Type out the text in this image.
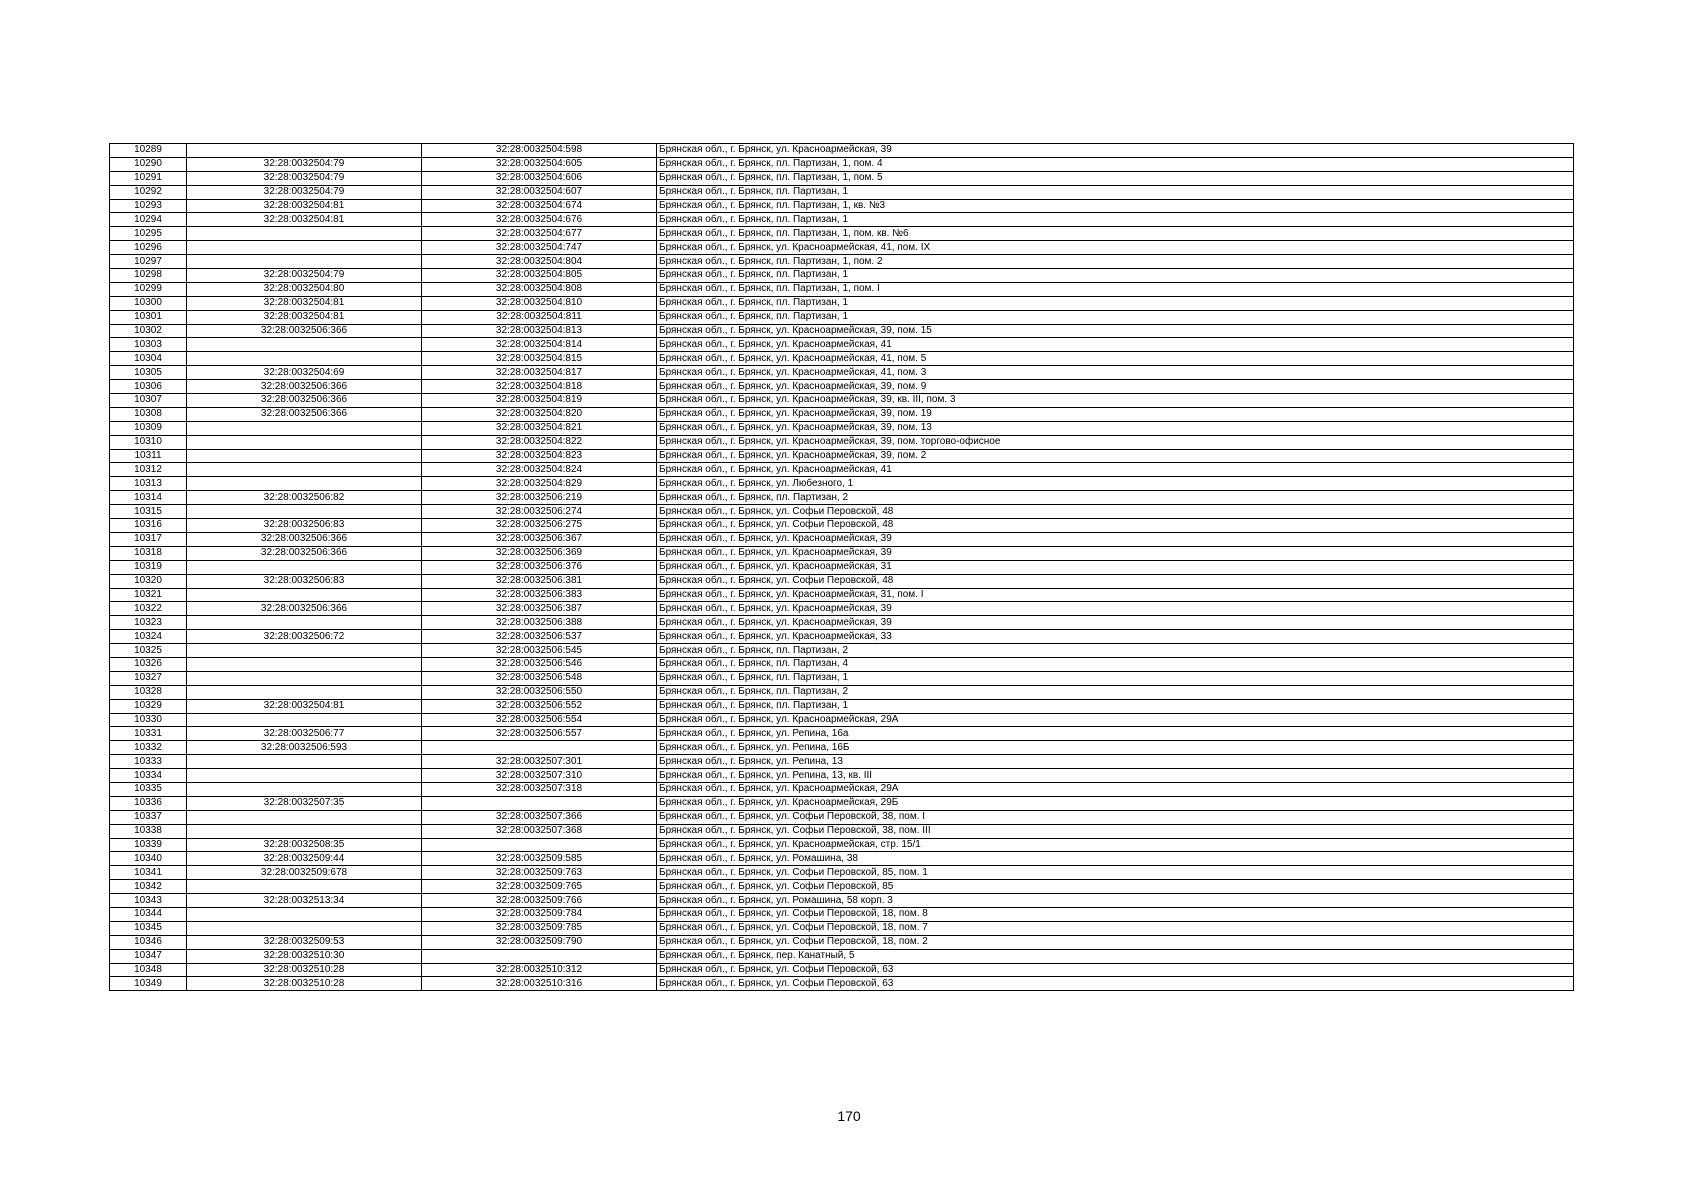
10289		32:28:0032504:598	Брянская обл., г. Брянск, ул. Красноармейская, 39
10290	32:28:0032504:79	32:28:0032504:605	Брянская обл., г. Брянск, пл. Партизан, 1, пом. 4
10291	32:28:0032504:79	32:28:0032504:606	Брянская обл., г. Брянск, пл. Партизан, 1, пом. 5
10292	32:28:0032504:79	32:28:0032504:607	Брянская обл., г. Брянск, пл. Партизан, 1
10293	32:28:0032504:81	32:28:0032504:674	Брянская обл., г. Брянск, пл. Партизан, 1, кв. №3
10294	32:28:0032504:81	32:28:0032504:676	Брянская обл., г. Брянск, пл. Партизан, 1
10295		32:28:0032504:677	Брянская обл., г. Брянск, пл. Партизан, 1, пом. кв. №6
10296		32:28:0032504:747	Брянская обл., г. Брянск, ул. Красноармейская, 41, пом. IX
10297		32:28:0032504:804	Брянская обл., г. Брянск, пл. Партизан, 1, пом. 2
10298	32:28:0032504:79	32:28:0032504:805	Брянская обл., г. Брянск, пл. Партизан, 1
10299	32:28:0032504:80	32:28:0032504:808	Брянская обл., г. Брянск, пл. Партизан, 1, пом. I
10300	32:28:0032504:81	32:28:0032504:810	Брянская обл., г. Брянск, пл. Партизан, 1
10301	32:28:0032504:81	32:28:0032504:811	Брянская обл., г. Брянск, пл. Партизан, 1
10302	32:28:0032506:366	32:28:0032504:813	Брянская обл., г. Брянск, ул. Красноармейская, 39, пом. 15
10303		32:28:0032504:814	Брянская обл., г. Брянск, ул. Красноармейская, 41
10304		32:28:0032504:815	Брянская обл., г. Брянск, ул. Красноармейская, 41, пом. 5
10305	32:28:0032504:69	32:28:0032504:817	Брянская обл., г. Брянск, ул. Красноармейская, 41, пом. 3
10306	32:28:0032506:366	32:28:0032504:818	Брянская обл., г. Брянск, ул. Красноармейская, 39, пом. 9
10307	32:28:0032506:366	32:28:0032504:819	Брянская обл., г. Брянск, ул. Красноармейская, 39, кв. III, пом. 3
10308	32:28:0032506:366	32:28:0032504:820	Брянская обл., г. Брянск, ул. Красноармейская, 39, пом. 19
10309		32:28:0032504:821	Брянская обл., г. Брянск, ул. Красноармейская, 39, пом. 13
10310		32:28:0032504:822	Брянская обл., г. Брянск, ул. Красноармейская, 39, пом. торгово-офисное
10311		32:28:0032504:823	Брянская обл., г. Брянск, ул. Красноармейская, 39, пом. 2
10312		32:28:0032504:824	Брянская обл., г. Брянск, ул. Красноармейская, 41
10313		32:28:0032504:829	Брянская обл., г. Брянск, ул. Любезного, 1
10314	32:28:0032506:82	32:28:0032506:219	Брянская обл., г. Брянск, пл. Партизан, 2
10315		32:28:0032506:274	Брянская обл., г. Брянск, ул. Софьи Перовской, 48
10316	32:28:0032506:83	32:28:0032506:275	Брянская обл., г. Брянск, ул. Софьи Перовской, 48
10317	32:28:0032506:366	32:28:0032506:367	Брянская обл., г. Брянск, ул. Красноармейская, 39
10318	32:28:0032506:366	32:28:0032506:369	Брянская обл., г. Брянск, ул. Красноармейская, 39
10319		32:28:0032506:376	Брянская обл., г. Брянск, ул. Красноармейская, 31
10320	32:28:0032506:83	32:28:0032506:381	Брянская обл., г. Брянск, ул. Софьи Перовской, 48
10321		32:28:0032506:383	Брянская обл., г. Брянск, ул. Красноармейская, 31, пом. I
10322	32:28:0032506:366	32:28:0032506:387	Брянская обл., г. Брянск, ул. Красноармейская, 39
10323		32:28:0032506:388	Брянская обл., г. Брянск, ул. Красноармейская, 39
10324	32:28:0032506:72	32:28:0032506:537	Брянская обл., г. Брянск, ул. Красноармейская, 33
10325		32:28:0032506:545	Брянская обл., г. Брянск, пл. Партизан, 2
10326		32:28:0032506:546	Брянская обл., г. Брянск, пл. Партизан, 4
10327		32:28:0032506:548	Брянская обл., г. Брянск, пл. Партизан, 1
10328		32:28:0032506:550	Брянская обл., г. Брянск, пл. Партизан, 2
10329	32:28:0032504:81	32:28:0032506:552	Брянская обл., г. Брянск, пл. Партизан, 1
10330		32:28:0032506:554	Брянская обл., г. Брянск, ул. Красноармейская, 29А
10331	32:28:0032506:77	32:28:0032506:557	Брянская обл., г. Брянск, ул. Репина, 16а
10332	32:28:0032506:593		Брянская обл., г. Брянск, ул. Репина, 16Б
10333		32:28:0032507:301	Брянская обл., г. Брянск, ул. Репина, 13
10334		32:28:0032507:310	Брянская обл., г. Брянск, ул. Репина, 13, кв. III
10335		32:28:0032507:318	Брянская обл., г. Брянск, ул. Красноармейская, 29А
10336	32:28:0032507:35		Брянская обл., г. Брянск, ул. Красноармейская, 29Б
10337		32:28:0032507:366	Брянская обл., г. Брянск, ул. Софьи Перовской, 38, пом. I
10338		32:28:0032507:368	Брянская обл., г. Брянск, ул. Софьи Перовской, 38, пом. III
10339	32:28:0032508:35		Брянская обл., г. Брянск, ул. Красноармейская, стр. 15/1
10340	32:28:0032509:44	32:28:0032509:585	Брянская обл., г. Брянск, ул. Ромашина, 38
10341	32:28:0032509:678	32:28:0032509:763	Брянская обл., г. Брянск, ул. Софьи Перовской, 85, пом. 1
10342		32:28:0032509:765	Брянская обл., г. Брянск, ул. Софьи Перовской, 85
10343	32:28:0032513:34	32:28:0032509:766	Брянская обл., г. Брянск, ул. Ромашина, 58 корп. 3
10344		32:28:0032509:784	Брянская обл., г. Брянск, ул. Софьи Перовской, 18, пом. 8
10345		32:28:0032509:785	Брянская обл., г. Брянск, ул. Софьи Перовской, 18, пом. 7
10346	32:28:0032509:53	32:28:0032509:790	Брянская обл., г. Брянск, ул. Софьи Перовской, 18, пом. 2
10347	32:28:0032510:30		Брянская обл., г. Брянск, пер. Канатный, 5
10348	32:28:0032510:28	32:28:0032510:312	Брянская обл., г. Брянск, ул. Софьи Перовской, 63
10349	32:28:0032510:28	32:28:0032510:316	Брянская обл., г. Брянск, ул. Софьи Перовской, 63
170
